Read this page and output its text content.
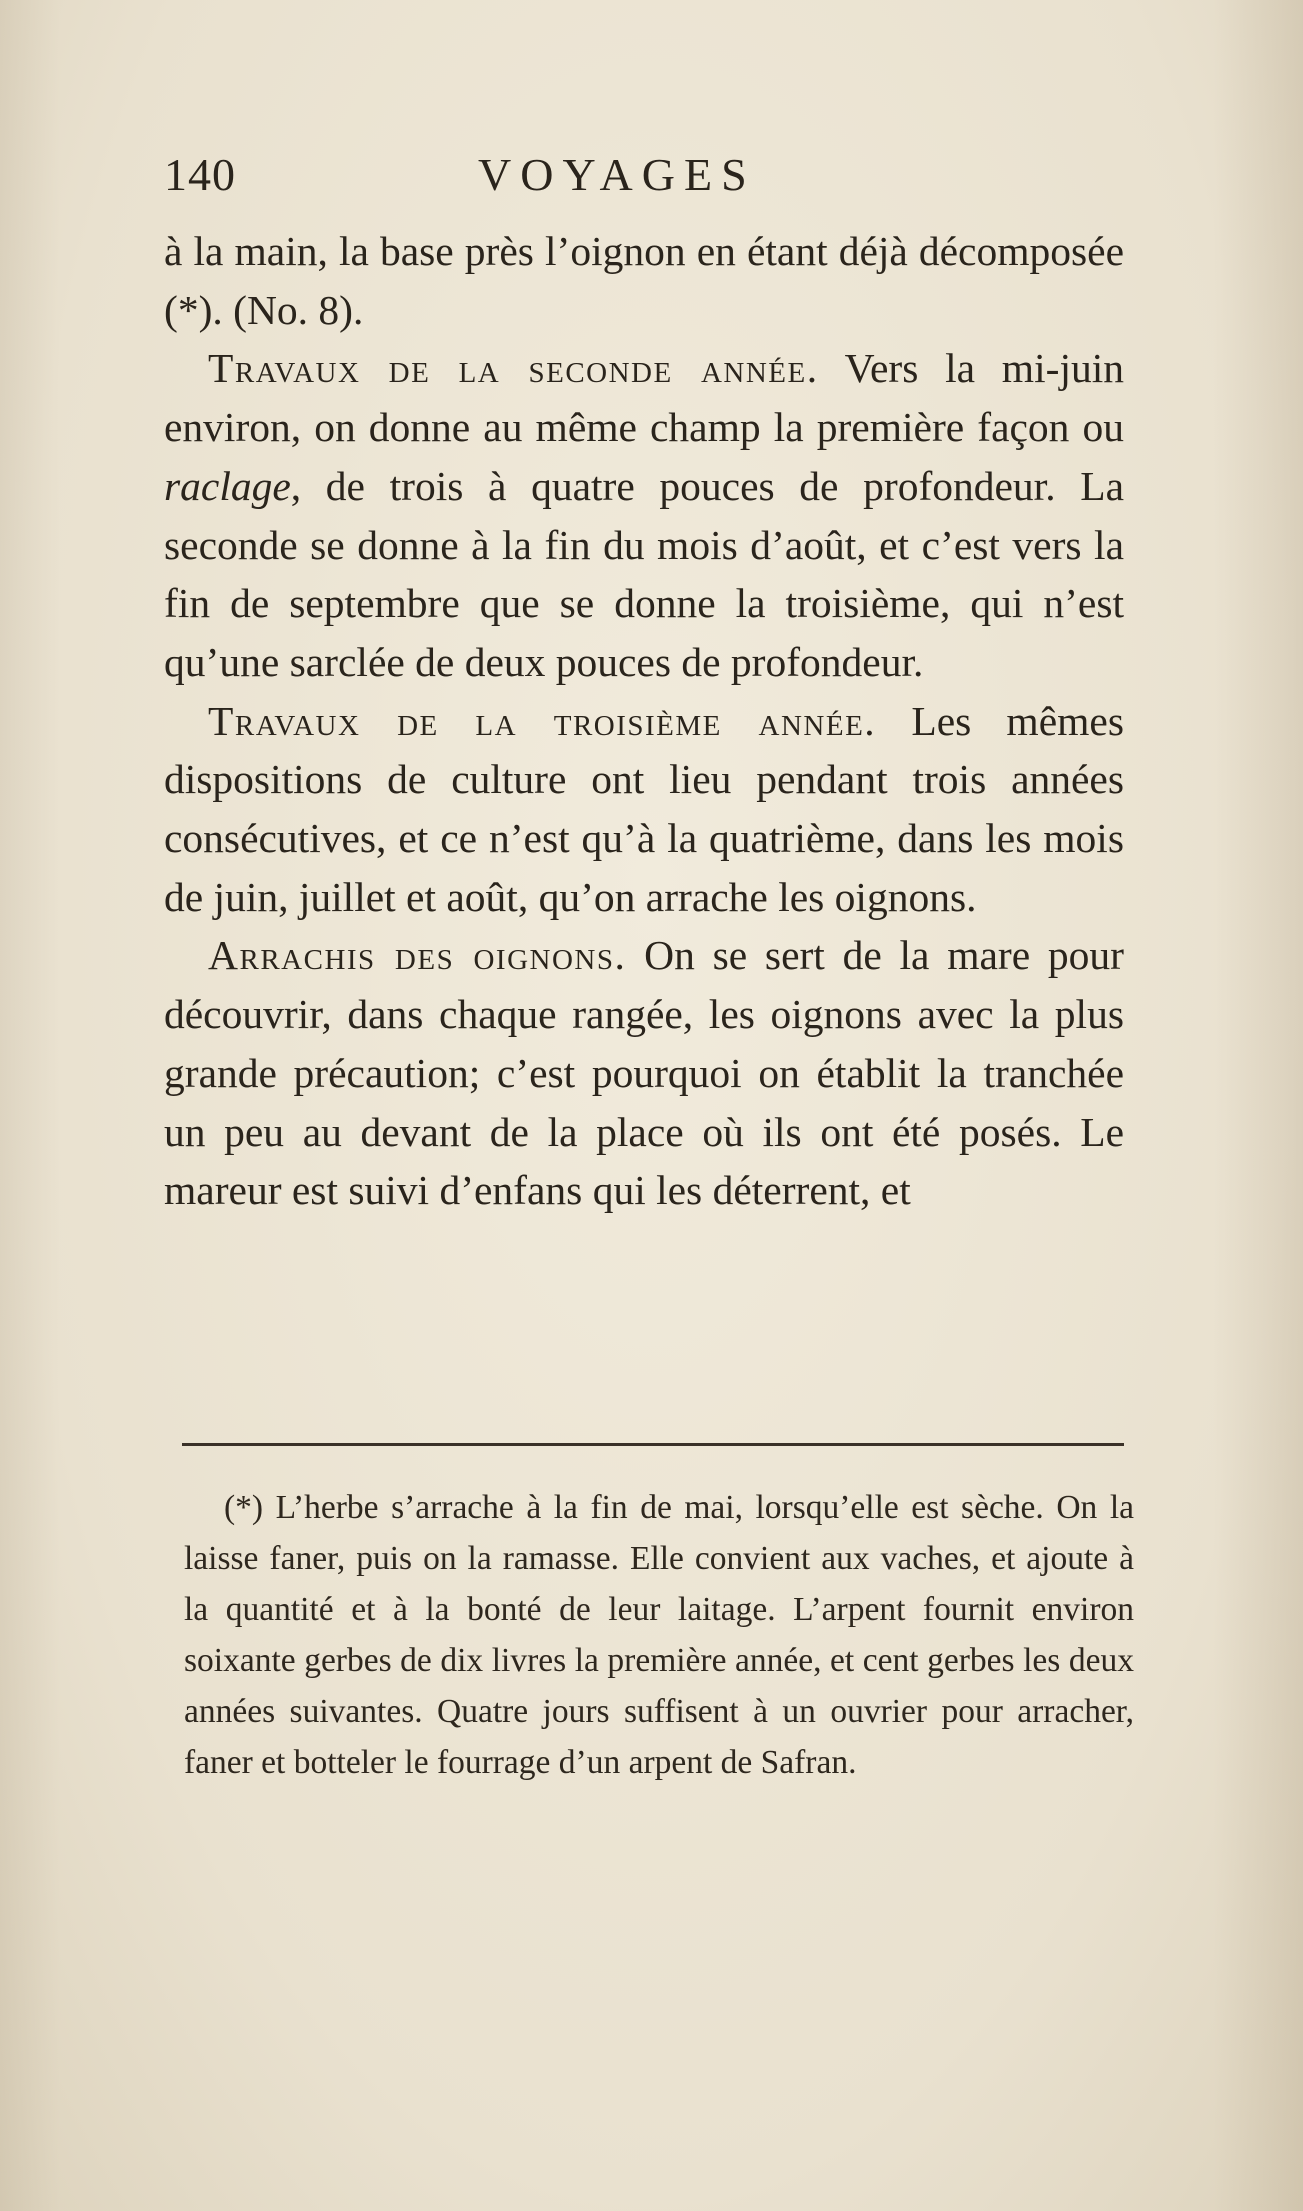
140	VOYAGES

à la main, la base près l’oignon en étant déjà décomposée (*). (No. 8).

Travaux de la seconde année. Vers la mi-juin environ, on donne au même champ la première façon ou raclage, de trois à quatre pouces de profondeur. La seconde se donne à la fin du mois d’août, et c’est vers la fin de septembre que se donne la troisième, qui n’est qu’une sarclée de deux pouces de profondeur.

Travaux de la troisième année. Les mêmes dispositions de culture ont lieu pendant trois années consécutives, et ce n’est qu’à la quatrième, dans les mois de juin, juillet et août, qu’on arrache les oignons.

Arrachis des oignons. On se sert de la mare pour découvrir, dans chaque rangée, les oignons avec la plus grande précaution; c’est pourquoi on établit la tranchée un peu au devant de la place où ils ont été posés. Le mareur est suivi d’enfans qui les déterrent, et

(*) L’herbe s’arrache à la fin de mai, lorsqu’elle est sèche. On la laisse faner, puis on la ramasse. Elle convient aux vaches, et ajoute à la quantité et à la bonté de leur laitage. L’arpent fournit environ soixante gerbes de dix livres la première année, et cent gerbes les deux années suivantes. Quatre jours suffisent à un ouvrier pour arracher, faner et botteler le fourrage d’un arpent de Safran.
